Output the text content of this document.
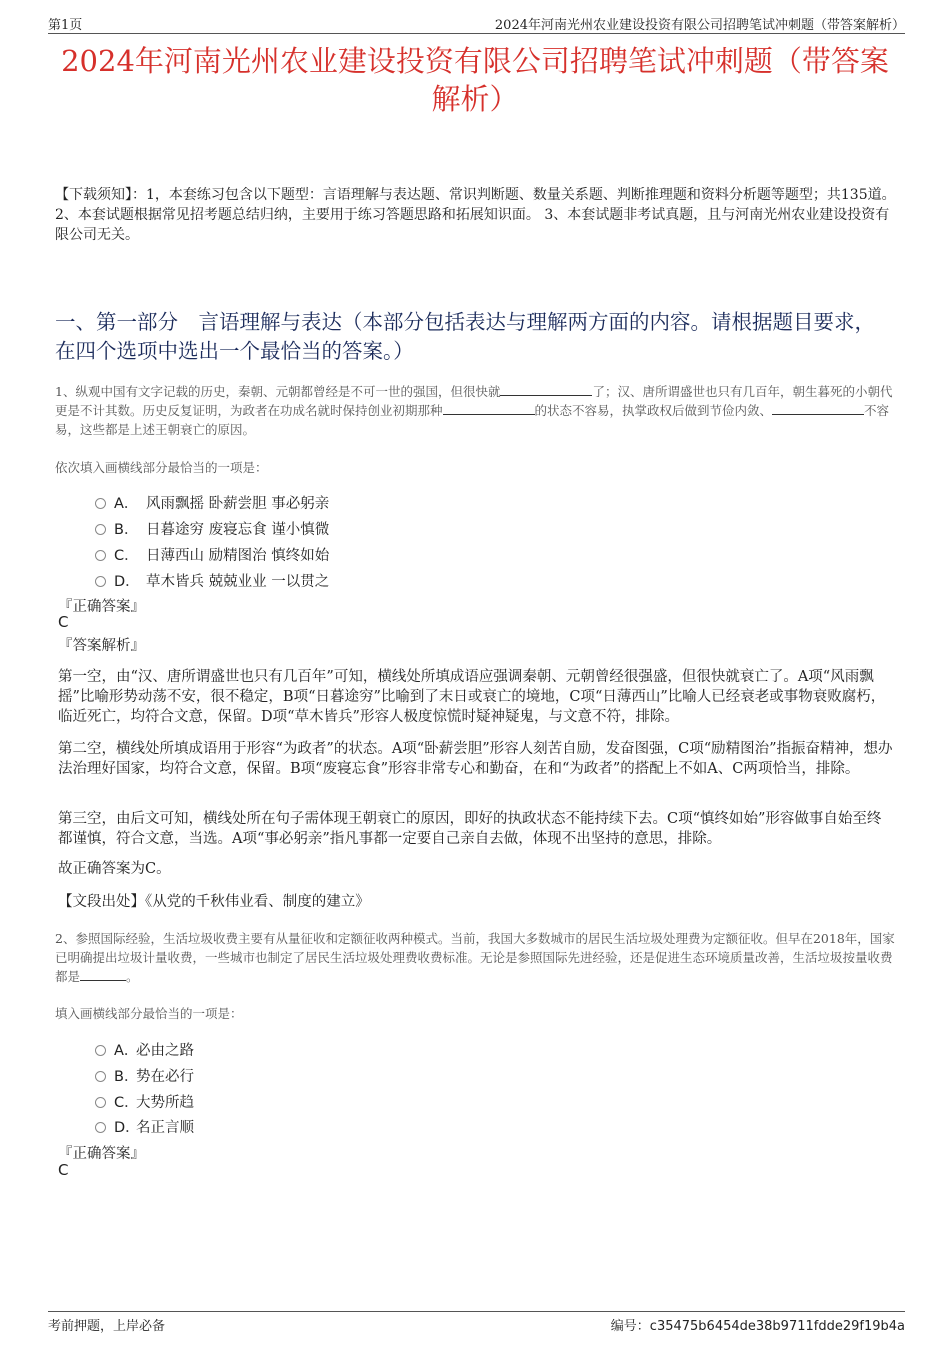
第1页	2024年河南光州农业建设投资有限公司招聘笔试冲刺题（带答案解析）
2024年河南光州农业建设投资有限公司招聘笔试冲刺题（带答案解析）
【下载须知】：1，本套练习包含以下题型：言语理解与表达题、常识判断题、数量关系题、判断推理题和资料分析题等题型；共135道。 2、本套试题根据常见招考题总结归纳，主要用于练习答题思路和拓展知识面。 3、本套试题非考试真题，且与河南光州农业建设投资有限公司无关。
一、第一部分　言语理解与表达（本部分包括表达与理解两方面的内容。请根据题目要求，在四个选项中选出一个最恰当的答案。）
1、纵观中国有文字记载的历史，秦朝、元朝都曾经是不可一世的强国，但很快就	了；汉、唐所谓盛世也只有几百年，朝生暮死的小朝代更是不计其数。历史反复证明，为政者在功成名就时保持创业初期那种	的状态不容易，执掌政权后做到节俭内敛、	不容易，这些都是上述王朝衰亡的原因。
依次填入画横线部分最恰当的一项是：
A． 风雨飘摇 卧薪尝胆 事必躬亲
B． 日暮途穷 废寝忘食 谨小慎微
C． 日薄西山 励精图治 慎终如始
D． 草木皆兵 兢兢业业 一以贯之
『正确答案』
C
『答案解析』
第一空，由“汉、唐所谓盛世也只有几百年”可知，横线处所填成语应强调秦朝、元朝曾经很强盛，但很快就衰亡了。A项“风雨飘摇”比喻形势动荡不安，很不稳定，B项“日暮途穷”比喻到了末日或衰亡的境地，C项“日薄西山”比喻人已经衰老或事物衰败腐朽，临近死亡，均符合文意，保留。D项“草木皆兵”形容人极度惊慌时疑神疑鬼，与文意不符，排除。
第二空，横线处所填成语用于形容“为政者”的状态。A项“卧薪尝胆”形容人刻苦自励，发奋图强，C项“励精图治”指振奋精神，想办法治理好国家，均符合文意，保留。B项“废寝忘食”形容非常专心和勤奋，在和“为政者”的搭配上不如A、C两项恰当，排除。
第三空，由后文可知，横线处所在句子需体现王朝衰亡的原因，即好的执政状态不能持续下去。C项“慎终如始”形容做事自始至终都谨慎，符合文意，当选。A项“事必躬亲”指凡事都一定要自己亲自去做，体现不出坚持的意思，排除。
故正确答案为C。
【文段出处】《从党的千秋伟业看、制度的建立》
2、参照国际经验，生活垃圾收费主要有从量征收和定额征收两种模式。当前，我国大多数城市的居民生活垃圾处理费为定额征收。但早在2018年，国家已明确提出垃圾计量收费，一些城市也制定了居民生活垃圾处理费收费标准。无论是参照国际先进经验，还是促进生态环境质量改善，生活垃圾按量收费都是	。
填入画横线部分最恰当的一项是：
A．必由之路
B．势在必行
C．大势所趋
D．名正言顺
『正确答案』
C
考前押题，上岸必备	编号：c35475b6454de38b9711fdde29f19b4a
